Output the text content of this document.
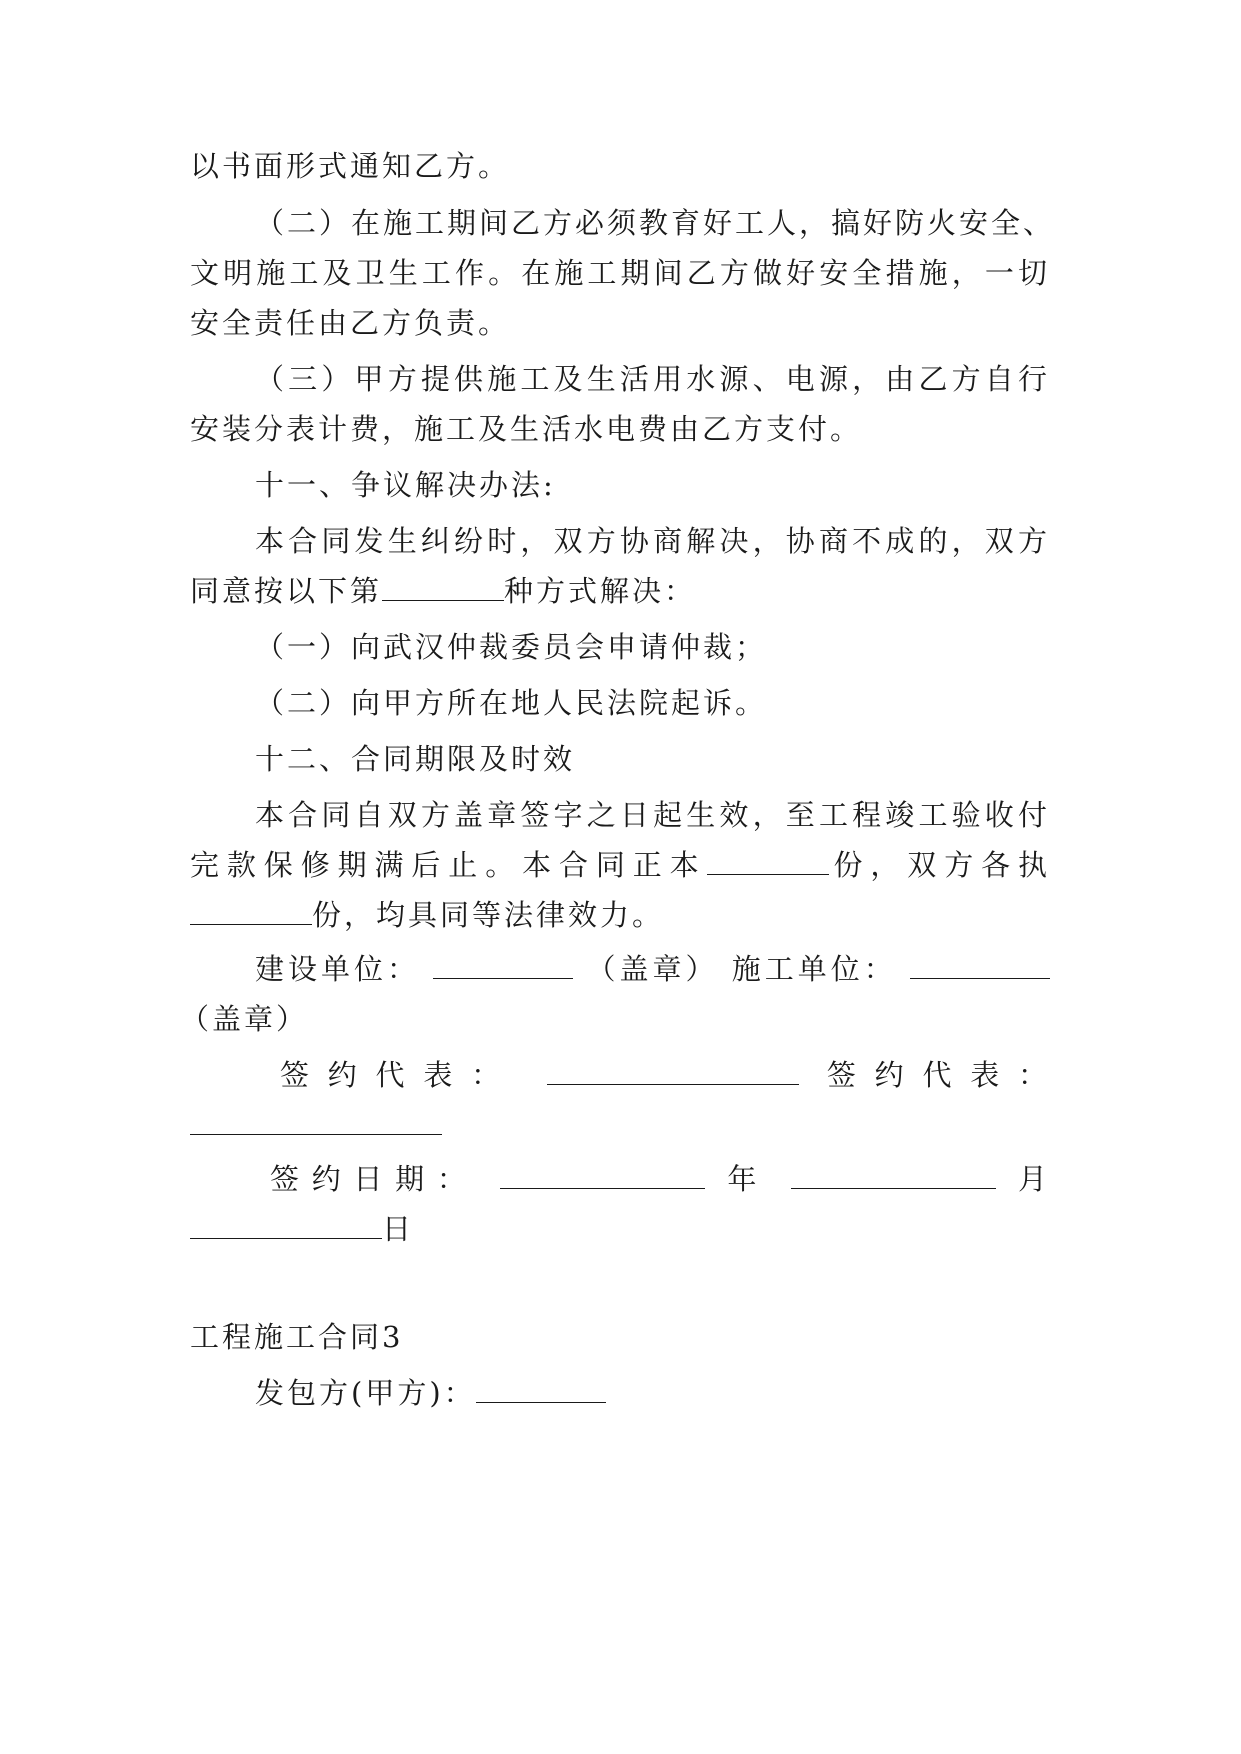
以书面形式通知乙方。
（二）在施工期间乙方必须教育好工人，搞好防火安全、
文明施工及卫生工作。在施工期间乙方做好安全措施，一切
安全责任由乙方负责。
（三）甲方提供施工及生活用水源、电源，由乙方自行
安装分表计费，施工及生活水电费由乙方支付。
十一、争议解决办法:
本合同发生纠纷时，双方协商解决，协商不成的，双方
同意按以下第	种方式解决：
（一）向武汉仲裁委员会申请仲裁；
（二）向甲方所在地人民法院起诉。
十二、合同期限及时效
本合同自双方盖章签字之日起生效，至工程竣工验收付
完款保修期满后止。本合同正本	份，双方各执
份，均具同等法律效力。
建设单位：	（盖章） 施工单位：
（盖章）
签约代表：	签约代表：
签约日期：	年	月
日
工程施工合同3
发包方(甲方)：
